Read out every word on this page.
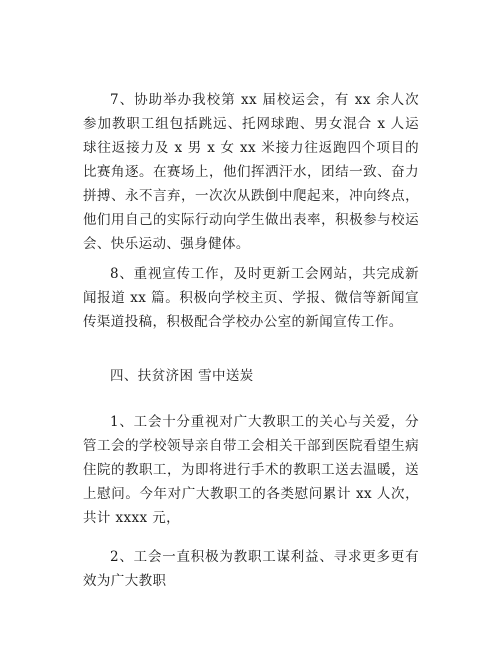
7、协助举办我校第 xx 届校运会，有 xx 余人次参加教职工组包括跳远、托网球跑、男女混合 x 人运球往返接力及 x 男 x 女 xx 米接力往返跑四个项目的比赛角逐。在赛场上，他们挥洒汗水，团结一致、奋力拼搏、永不言弃，一次次从跌倒中爬起来，冲向终点，他们用自己的实际行动向学生做出表率，积极参与校运会、快乐运动、强身健体。

8、重视宣传工作，及时更新工会网站，共完成新闻报道 xx 篇。积极向学校主页、学报、微信等新闻宣传渠道投稿，积极配合学校办公室的新闻宣传工作。

四、扶贫济困 雪中送炭

1、工会十分重视对广大教职工的关心与关爱，分管工会的学校领导亲自带工会相关干部到医院看望生病住院的教职工，为即将进行手术的教职工送去温暖，送上慰问。今年对广大教职工的各类慰问累计 xx 人次，共计 xxxx 元，

2、工会一直积极为教职工谋利益、寻求更多更有效为广大教职
